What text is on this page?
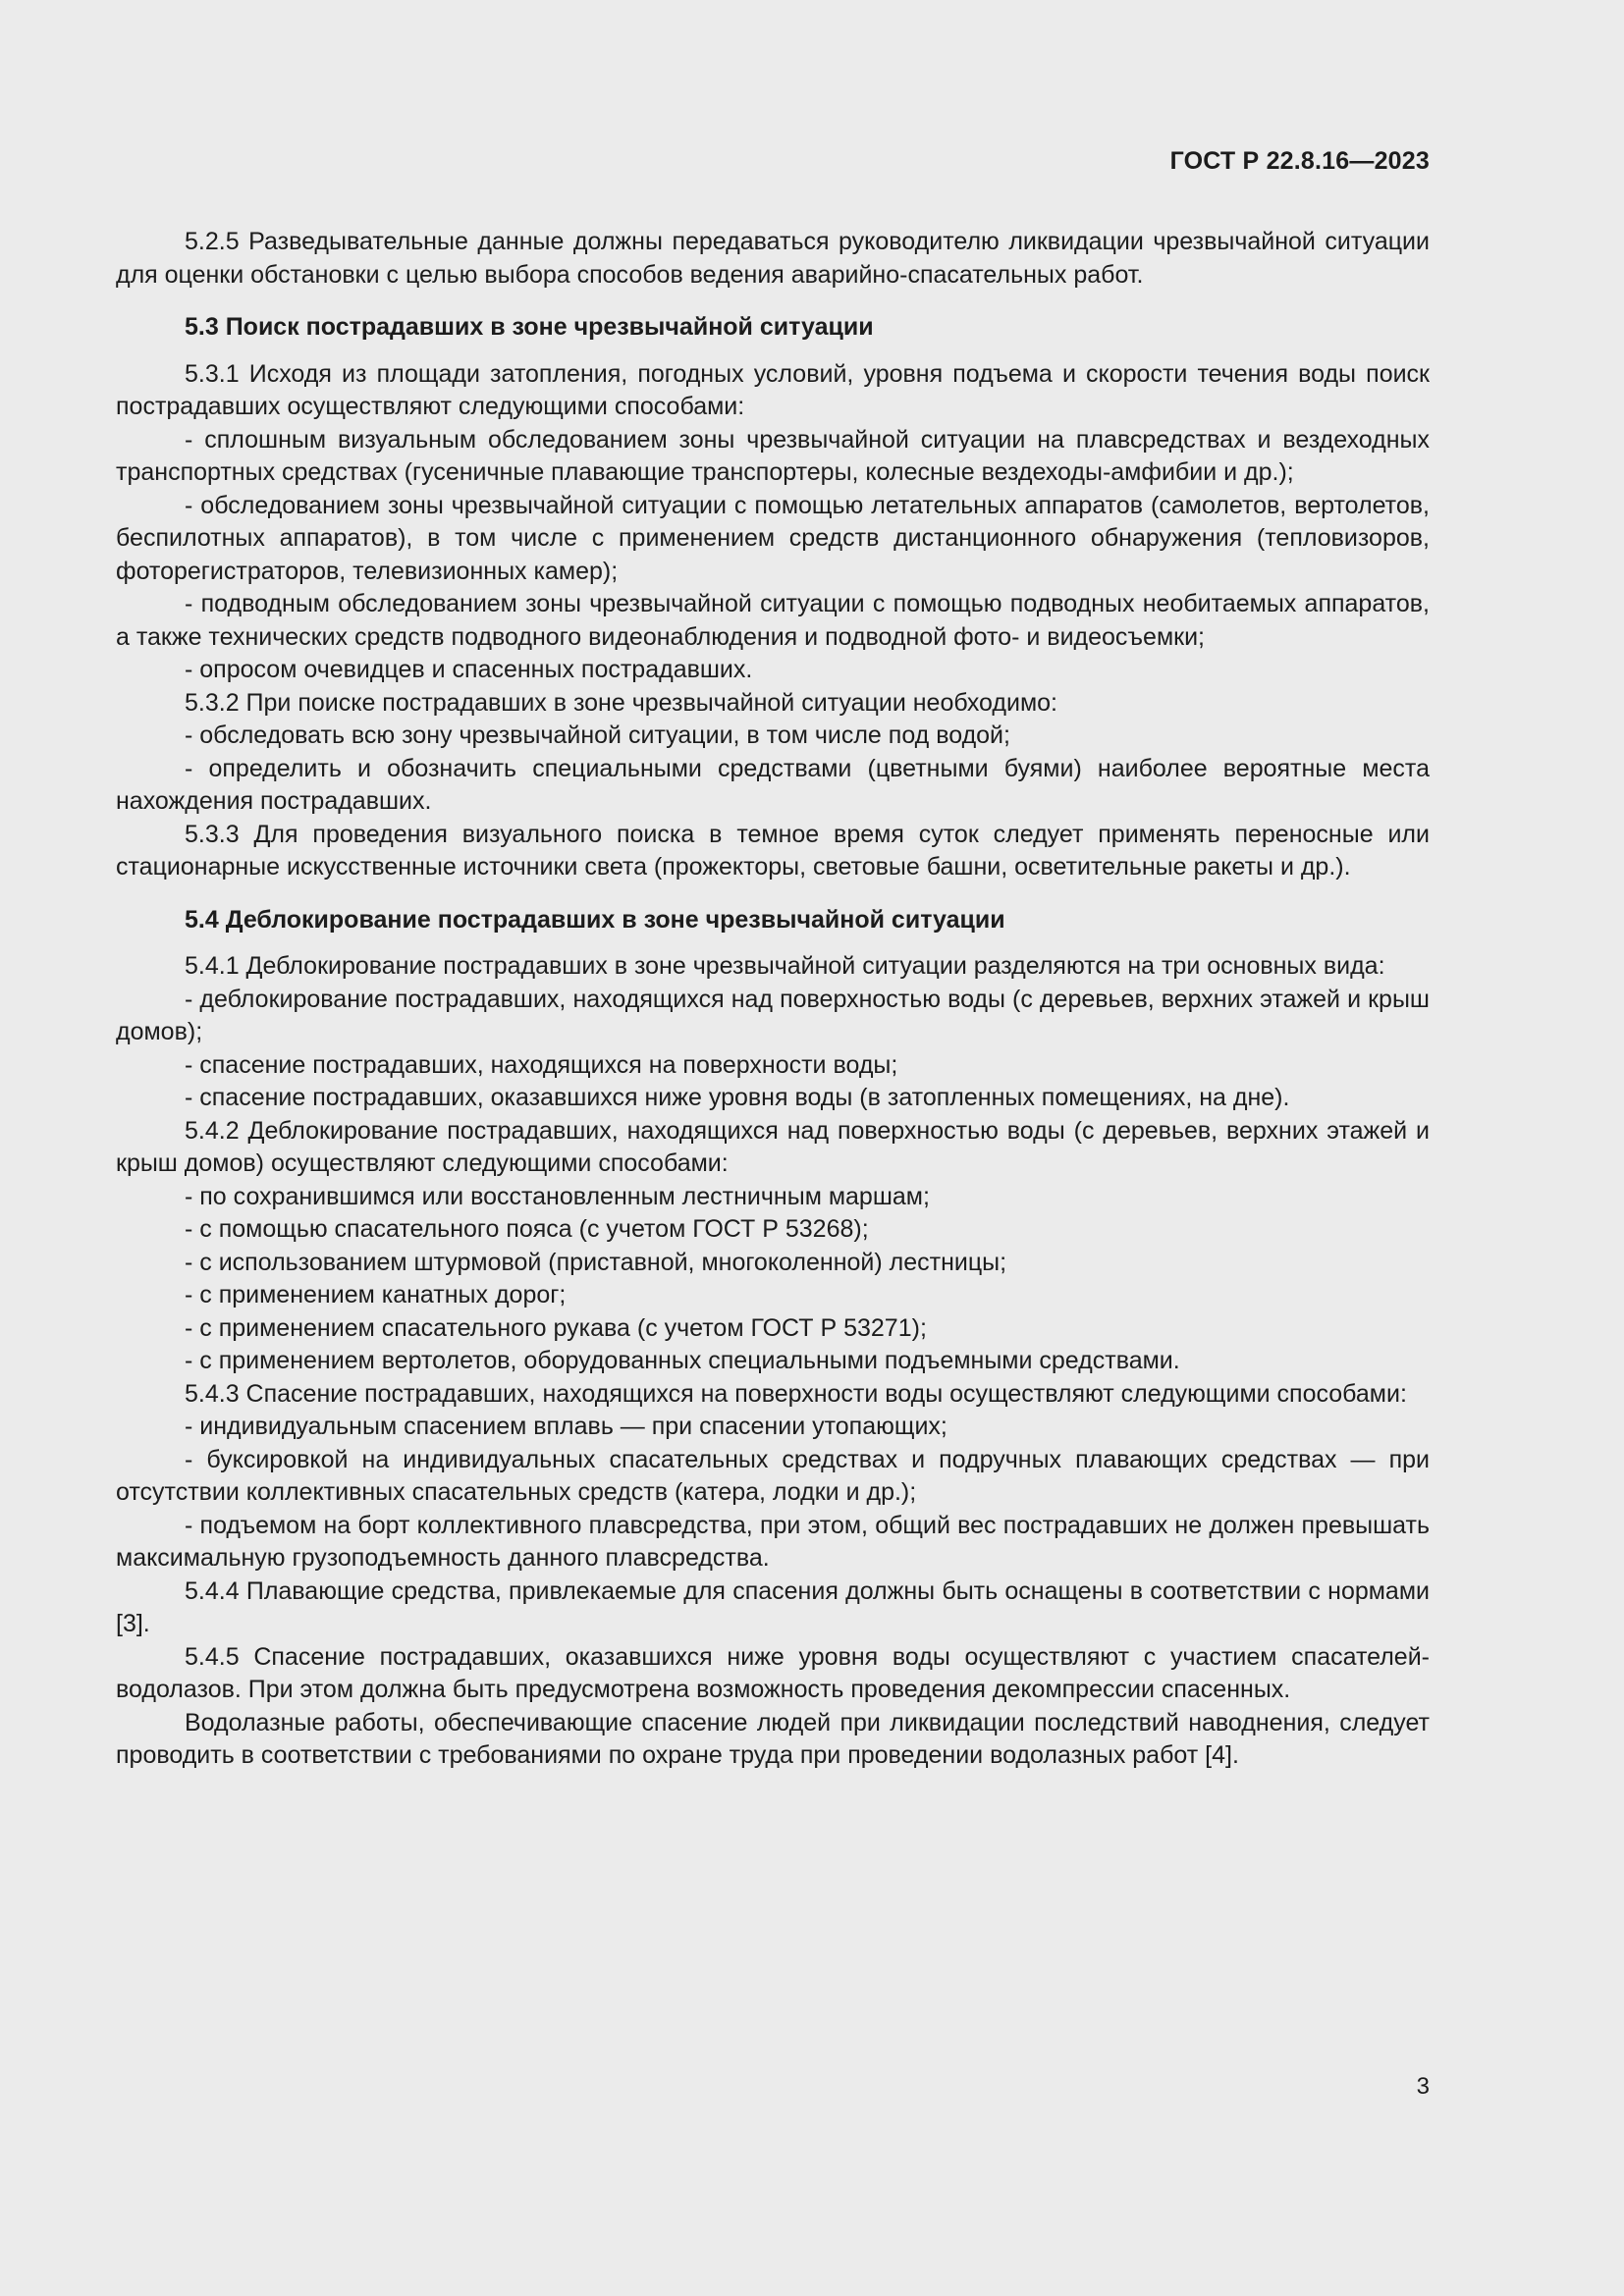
ГОСТ Р 22.8.16—2023

5.2.5 Разведывательные данные должны передаваться руководителю ликвидации чрезвычайной ситуации для оценки обстановки с целью выбора способов ведения аварийно-спасательных работ.

5.3 Поиск пострадавших в зоне чрезвычайной ситуации

5.3.1 Исходя из площади затопления, погодных условий, уровня подъема и скорости течения воды поиск пострадавших осуществляют следующими способами:

- сплошным визуальным обследованием зоны чрезвычайной ситуации на плавсредствах и вездеходных транспортных средствах (гусеничные плавающие транспортеры, колесные вездеходы-амфибии и др.);

- обследованием зоны чрезвычайной ситуации с помощью летательных аппаратов (самолетов, вертолетов, беспилотных аппаратов), в том числе с применением средств дистанционного обнаружения (тепловизоров, фоторегистраторов, телевизионных камер);

- подводным обследованием зоны чрезвычайной ситуации с помощью подводных необитаемых аппаратов, а также технических средств подводного видеонаблюдения и подводной фото- и видеосъемки;

- опросом очевидцев и спасенных пострадавших.

5.3.2 При поиске пострадавших в зоне чрезвычайной ситуации необходимо:

- обследовать всю зону чрезвычайной ситуации, в том числе под водой;

- определить и обозначить специальными средствами (цветными буями) наиболее вероятные места нахождения пострадавших.

5.3.3 Для проведения визуального поиска в темное время суток следует применять переносные или стационарные искусственные источники света (прожекторы, световые башни, осветительные ракеты и др.).

5.4 Деблокирование пострадавших в зоне чрезвычайной ситуации

5.4.1 Деблокирование пострадавших в зоне чрезвычайной ситуации разделяются на три основных вида:

- деблокирование пострадавших, находящихся над поверхностью воды (с деревьев, верхних этажей и крыш домов);

- спасение пострадавших, находящихся на поверхности воды;

- спасение пострадавших, оказавшихся ниже уровня воды (в затопленных помещениях, на дне).

5.4.2 Деблокирование пострадавших, находящихся над поверхностью воды (с деревьев, верхних этажей и крыш домов) осуществляют следующими способами:

- по сохранившимся или восстановленным лестничным маршам;

- с помощью спасательного пояса (с учетом ГОСТ Р 53268);

- с использованием штурмовой (приставной, многоколенной) лестницы;

- с применением канатных дорог;

- с применением спасательного рукава (с учетом ГОСТ Р 53271);

- с применением вертолетов, оборудованных специальными подъемными средствами.

5.4.3 Спасение пострадавших, находящихся на поверхности воды осуществляют следующими способами:

- индивидуальным спасением вплавь — при спасении утопающих;

- буксировкой на индивидуальных спасательных средствах и подручных плавающих средствах — при отсутствии коллективных спасательных средств (катера, лодки и др.);

- подъемом на борт коллективного плавсредства, при этом, общий вес пострадавших не должен превышать максимальную грузоподъемность данного плавсредства.

5.4.4 Плавающие средства, привлекаемые для спасения должны быть оснащены в соответствии с нормами [3].

5.4.5 Спасение пострадавших, оказавшихся ниже уровня воды осуществляют с участием спасателей-водолазов. При этом должна быть предусмотрена возможность проведения декомпрессии спасенных.

Водолазные работы, обеспечивающие спасение людей при ликвидации последствий наводнения, следует проводить в соответствии с требованиями по охране труда при проведении водолазных работ [4].

3
